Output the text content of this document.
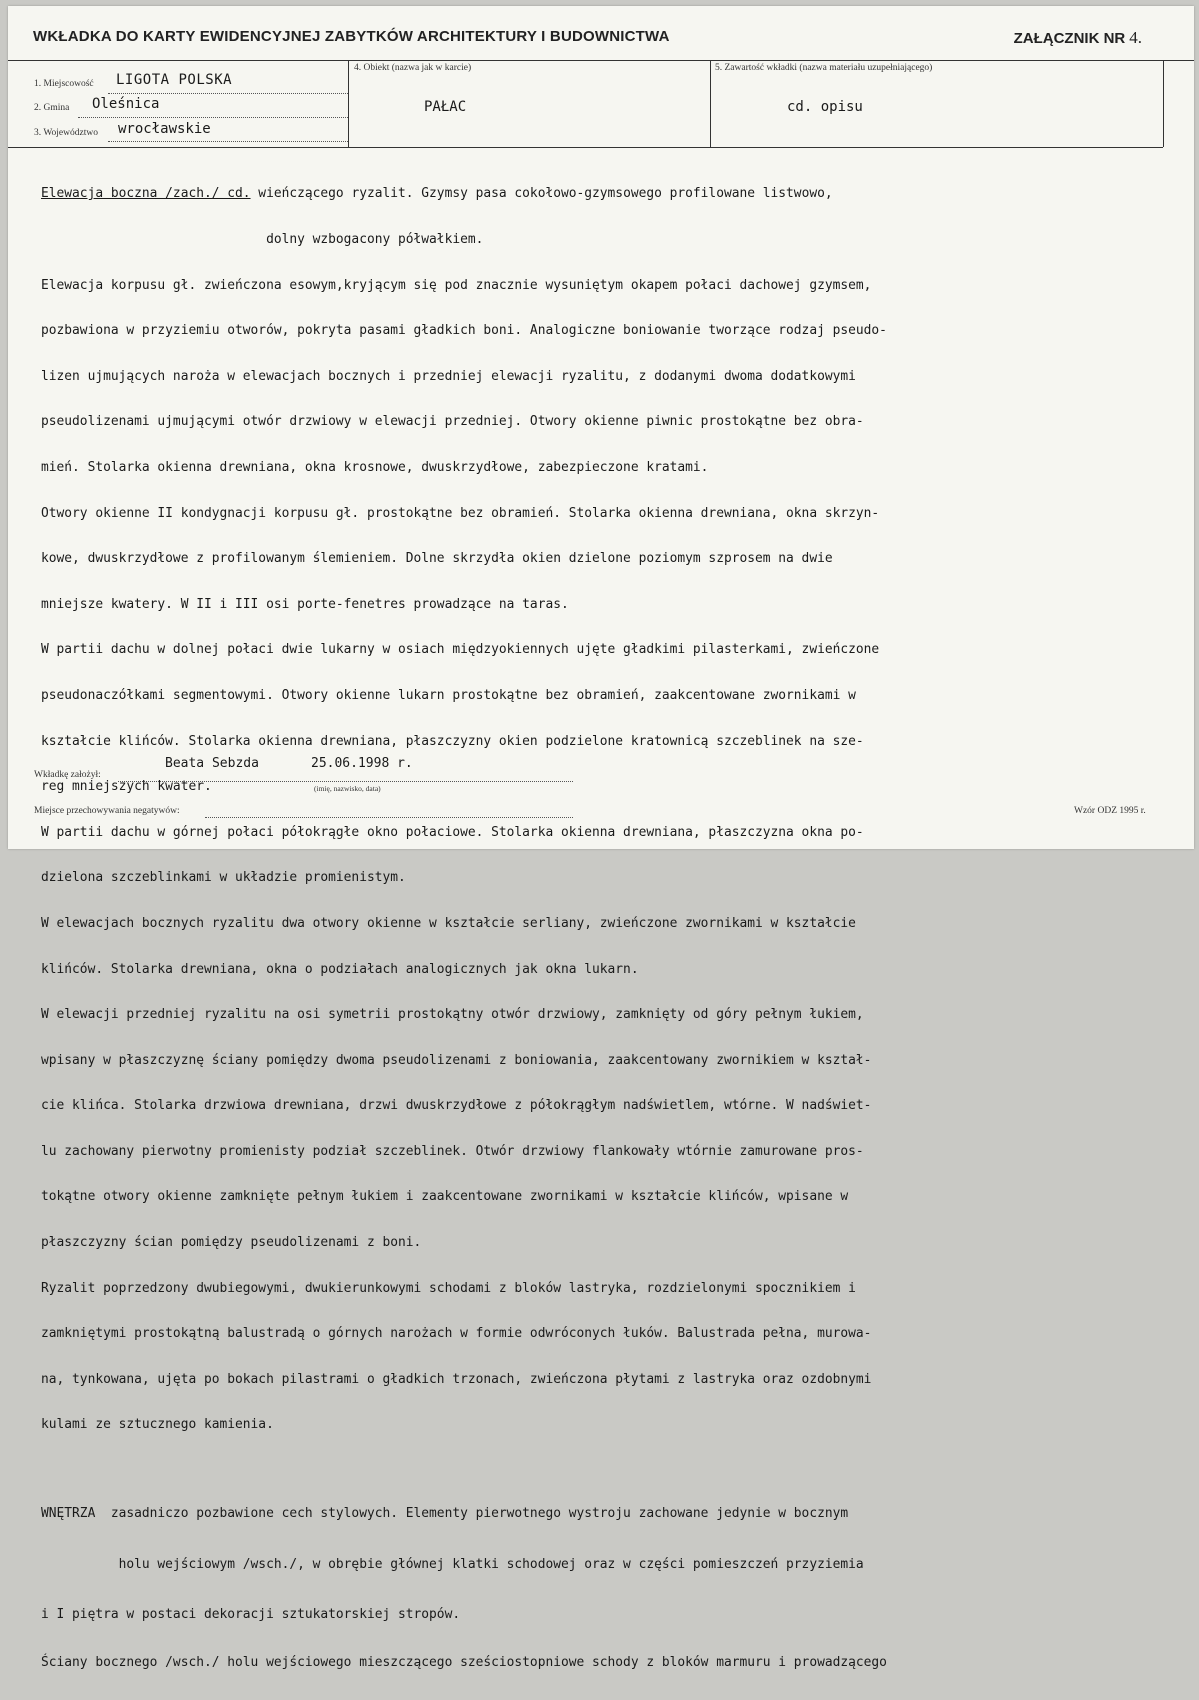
WKŁADKA DO KARTY EWIDENCYJNEJ ZABYTKÓW ARCHITEKTURY I BUDOWNICTWA	ZAŁĄCZNIK NR 4.
1. Miejscowość LIGOTA POLSKA
2. Gmina Oleśnica
3. Województwo wrocławskie
4. Obiekt (nazwa jak w karcie)
PAŁAC
5. Zawartość wkładki (nazwa materiału uzupełniającego)
cd. opisu

Elewacja boczna /zach./ cd. wieńczącego ryzalit. Gzymsy pasa cokołowo-gzymsowego profilowane listwowo,

dolny wzbogacony półwałkiem.

Elewacja korpusu gł. zwieńczona esowym,kryjącym się pod znacznie wysuniętym okapem połaci dachowej gzymsem,

pozbawiona w przyziemiu otworów, pokryta pasami gładkich boni. Analogiczne boniowanie tworzące rodzaj pseudo-

lizen ujmujących naroża w elewacjach bocznych i przedniej elewacji ryzalitu, z dodanymi dwoma dodatkowymi

pseudolizenami ujmującymi otwór drzwiowy w elewacji przedniej. Otwory okienne piwnic prostokątne bez obra-

mień. Stolarka okienna drewniana, okna krosnowe, dwuskrzydłowe, zabezpieczone kratami.

Otwory okienne II kondygnacji korpusu gł. prostokątne bez obramień. Stolarka okienna drewniana, okna skrzyn-

kowe, dwuskrzydłowe z profilowanym ślemieniem. Dolne skrzydła okien dzielone poziomym szprosem na dwie

mniejsze kwatery. W II i III osi porte-fenetres prowadzące na taras.

W partii dachu w dolnej połaci dwie lukarny w osiach międzyokiennych ujęte gładkimi pilasterkami, zwieńczone

pseudonaczółkami segmentowymi. Otwory okienne lukarn prostokątne bez obramień, zaakcentowane zwornikami w

kształcie klińców. Stolarka okienna drewniana, płaszczyzny okien podzielone kratownicą szczeblinek na sze-

reg mniejszych kwater.

W partii dachu w górnej połaci półokrągłe okno połaciowe. Stolarka okienna drewniana, płaszczyzna okna po-

dzielona szczeblinkami w układzie promienistym.

W elewacjach bocznych ryzalitu dwa otwory okienne w kształcie serliany, zwieńczone zwornikami w kształcie

klińców. Stolarka drewniana, okna o podziałach analogicznych jak okna lukarn.

W elewacji przedniej ryzalitu na osi symetrii prostokątny otwór drzwiowy, zamknięty od góry pełnym łukiem,

wpisany w płaszczyznę ściany pomiędzy dwoma pseudolizenami z boniowania, zaakcentowany zwornikiem w kształ-

cie klińca. Stolarka drzwiowa drewniana, drzwi dwuskrzydłowe z półokrągłym nadświetlem, wtórne. W nadświet-

lu zachowany pierwotny promienisty podział szczeblinek. Otwór drzwiowy flankowały wtórnie zamurowane pros-

tokątne otwory okienne zamknięte pełnym łukiem i zaakcentowane zwornikami w kształcie klińców, wpisane w

płaszczyzny ścian pomiędzy pseudolizenami z boni.

Ryzalit poprzedzony dwubiegowymi, dwukierunkowymi schodami z bloków lastryka, rozdzielonymi spocznikiem i

zamkniętymi prostokątną balustradą o górnych narożach w formie odwróconych łuków. Balustrada pełna, murowa-

na, tynkowana, ujęta po bokach pilastrami o gładkich trzonach, zwieńczona płytami z lastryka oraz ozdobnymi

kulami ze sztucznego kamienia.

WNĘTRZA  zasadniczo pozbawione cech stylowych. Elementy pierwotnego wystroju zachowane jedynie w bocznym

holu wejściowym /wsch./, w obrębie głównej klatki schodowej oraz w części pomieszczeń przyziemia

i I piętra w postaci dekoracji sztukatorskiej stropów.

Ściany bocznego /wsch./ holu wejściowego mieszczącego sześciostopniowe schody z bloków marmuru i prowadzącego

Wkładkę założył:
Beata Sebzda	25.06.1998 r.
(imię, nazwisko, data)
Miejsce przechowywania negatywów:	Wzór ODZ 1995 r.
